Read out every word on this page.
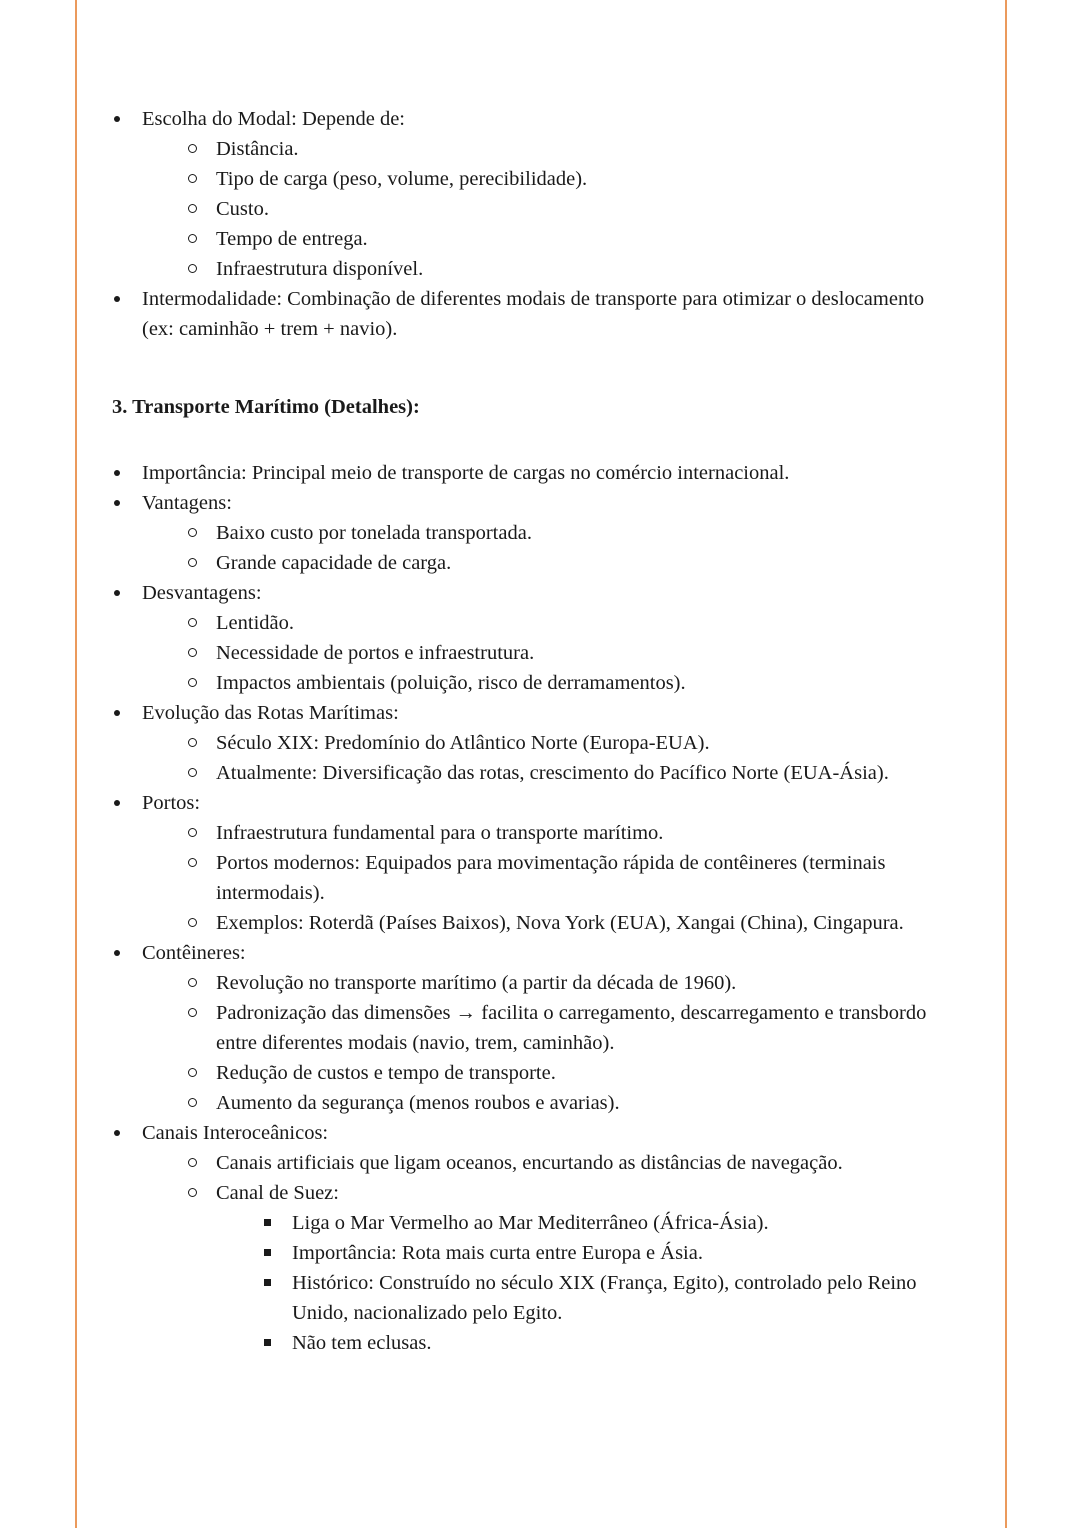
Escolha do Modal: Depende de:
Distância.
Tipo de carga (peso, volume, perecibilidade).
Custo.
Tempo de entrega.
Infraestrutura disponível.
Intermodalidade: Combinação de diferentes modais de transporte para otimizar o deslocamento (ex: caminhão + trem + navio).
3. Transporte Marítimo (Detalhes):
Importância: Principal meio de transporte de cargas no comércio internacional.
Vantagens:
Baixo custo por tonelada transportada.
Grande capacidade de carga.
Desvantagens:
Lentidão.
Necessidade de portos e infraestrutura.
Impactos ambientais (poluição, risco de derramamentos).
Evolução das Rotas Marítimas:
Século XIX: Predomínio do Atlântico Norte (Europa-EUA).
Atualmente: Diversificação das rotas, crescimento do Pacífico Norte (EUA-Ásia).
Portos:
Infraestrutura fundamental para o transporte marítimo.
Portos modernos: Equipados para movimentação rápida de contêineres (terminais intermodais).
Exemplos: Roterdã (Países Baixos), Nova York (EUA), Xangai (China), Cingapura.
Contêineres:
Revolução no transporte marítimo (a partir da década de 1960).
Padronização das dimensões → facilita o carregamento, descarregamento e transbordo entre diferentes modais (navio, trem, caminhão).
Redução de custos e tempo de transporte.
Aumento da segurança (menos roubos e avarias).
Canais Interoceânicos:
Canais artificiais que ligam oceanos, encurtando as distâncias de navegação.
Canal de Suez:
Liga o Mar Vermelho ao Mar Mediterrâneo (África-Ásia).
Importância: Rota mais curta entre Europa e Ásia.
Histórico: Construído no século XIX (França, Egito), controlado pelo Reino Unido, nacionalizado pelo Egito.
Não tem eclusas.
